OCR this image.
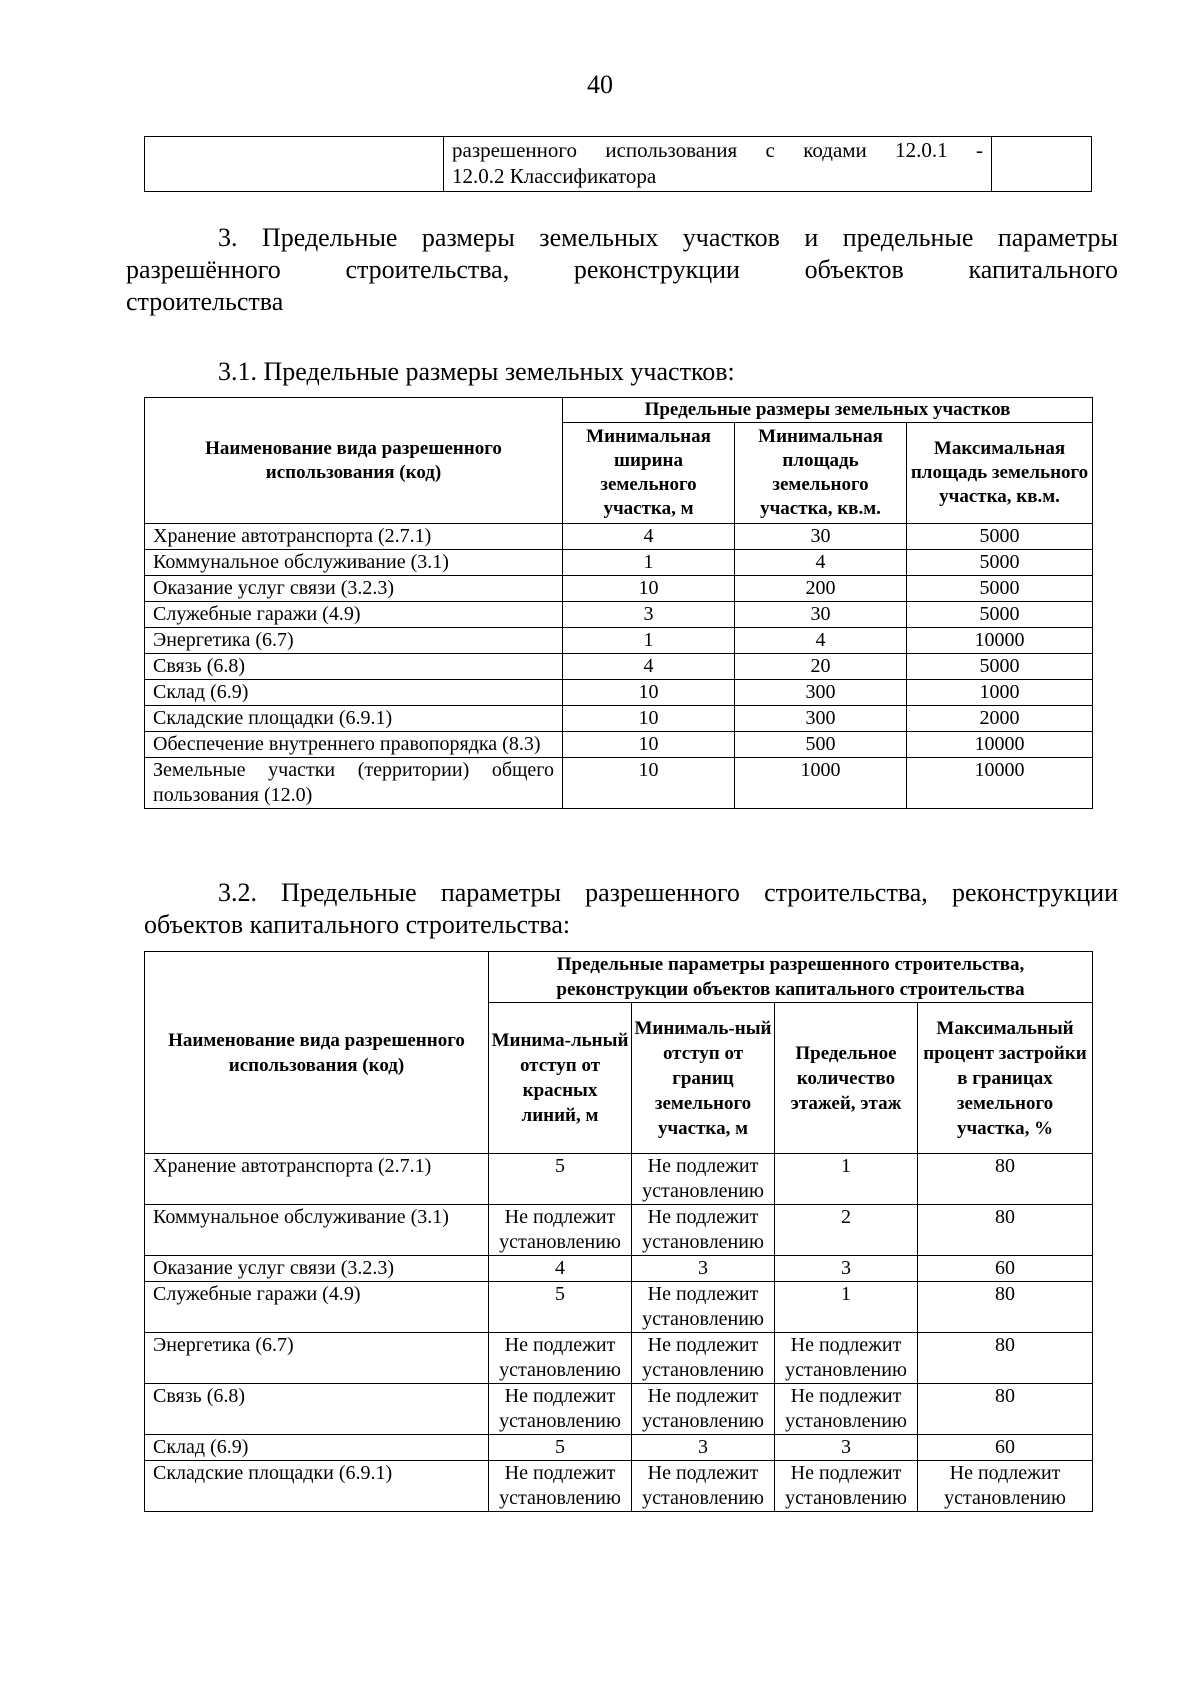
40

разрешенного использования с кодами 12.0.1 -
12.0.2 Классификатора

3. Предельные размеры земельных участков и предельные параметры
разрешённого строительства, реконструкции объектов капитального
строительства
3.1. Предельные размеры земельных участков:
Наименование вида разрешенного использования (код)	Предельные размеры земельных участков		
	Минимальная ширина земельного участка, м	Минимальная площадь земельного участка, кв.м.	Максимальная площадь земельного участка, кв.м.
Хранение автотранспорта (2.7.1)	4	30	5000
Коммунальное обслуживание (3.1)	1	4	5000
Оказание услуг связи (3.2.3)	10	200	5000
Служебные гаражи (4.9)	3	30	5000
Энергетика (6.7)	1	4	10000
Связь (6.8)	4	20	5000
Склад (6.9)	10	300	1000
Складские площадки (6.9.1)	10	300	2000
Обеспечение внутреннего правопорядка (8.3)	10	500	10000
Земельные участки (территории) общего пользования (12.0)	10	1000	10000
3.2. Предельные параметры разрешенного строительства, реконструкции
объектов капитального строительства:
Наименование вида разрешенного использования (код)	Предельные параметры разрешенного строительства, реконструкции объектов капитального строительства			
	Минима-льный отступ от красных линий, м	Минималь-ный отступ от границ земельного участка, м	Предельное количество этажей, этаж	Максимальный процент застройки в границах земельного участка, %
Хранение автотранспорта (2.7.1)	5	Не подлежит установлению	1	80
Коммунальное обслуживание (3.1)	Не подлежит установлению	Не подлежит установлению	2	80
Оказание услуг связи (3.2.3)	4	3	3	60
Служебные гаражи (4.9)	5	Не подлежит установлению	1	80
Энергетика (6.7)	Не подлежит установлению	Не подлежит установлению	Не подлежит установлению	80
Связь (6.8)	Не подлежит установлению	Не подлежит установлению	Не подлежит установлению	80
Склад (6.9)	5	3	3	60
Складские площадки (6.9.1)	Не подлежит установлению	Не подлежит установлению	Не подлежит установлению	Не подлежит установлению
